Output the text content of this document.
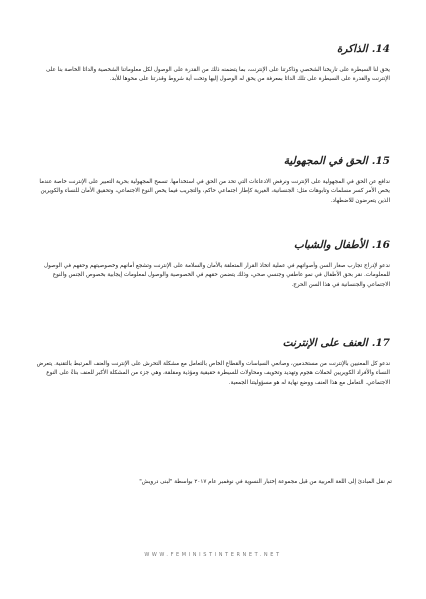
14.الذاكرة

يحق لنا السيطرة على تاريخنا الشخصي وذاكرتنا على الإنترنت، بما يتضمنه ذلك من القدرة على الوصول لكل معلوماتنا الشخصية والدائا الخاصة بنا على الإنترنت والقدرة على السيطرة على تلك الدائا بمعرفة من يحق له الوصول إليها وتحت أية شروط وقدرتنا على محوها للأبد.

15.الحق في المجهولية

ندافع عن الحق في المجهولية على الإنترنت ونرفض الادعاءات التي تحد من الحق في استخدامها. تسمح المجهولية بحرية التعبير على الإنترنت خاصة عندما يخص الأمر كسر مسلمات وتابوهات مثل: الجنسانية، الغيرية كإطار اجتماعي حاكم، والتجريب فيما يخص النوع الاجتماعي، وتحقيق الأمان للنساء والكويرين الذين يتعرضون للاضطهاد.

16.الأطفال والشباب

ندعو لإدراج تجارب صغار السن وأصواتهم في عملية اتخاذ القرار المتعلقة بالأمان والسلامة على الإنترنت وتشجع أمانهم وخصوصيتهم وحقهم في الوصول للمعلومات. نقر بحق الأطفال في نمو عاطفي وجنسي صحي، وذلك يتضمن حقهم في الخصوصية والوصول لمعلومات إيجابية بخصوص الجنس والنوع الاجتماعي والجنسانية في هذا السن الحرج.

17.العنف على الإنترنت

ندعو كل المعنيين بالإنترنت من مستخدمين، وصانعي السياسات والقطاع الخاص بالتعامل مع مشكلة التحرش على الإنترنت والعنف المرتبط بالتقنية. يتعرض النساء والأفراد الكويريين لحملات هجوم وتهديد وتخويف ومحاولات للسيطرة حقيقية ومؤذية ومقلقة، وهي جزء من المشكلة الأكبر للعنف بناءً على النوع الاجتماعي. التعامل مع هذا العنف ووضع نهاية له هو مسؤوليتنا الجمعية.

تم نقل المبادئ إلى اللغة العربية من قبل مجموعة إختبار النسوية في نوفمبر عام ٢٠١٧ بواسطة "لبنى درويش"

WWW.FEMINISTINTERNET.NET
